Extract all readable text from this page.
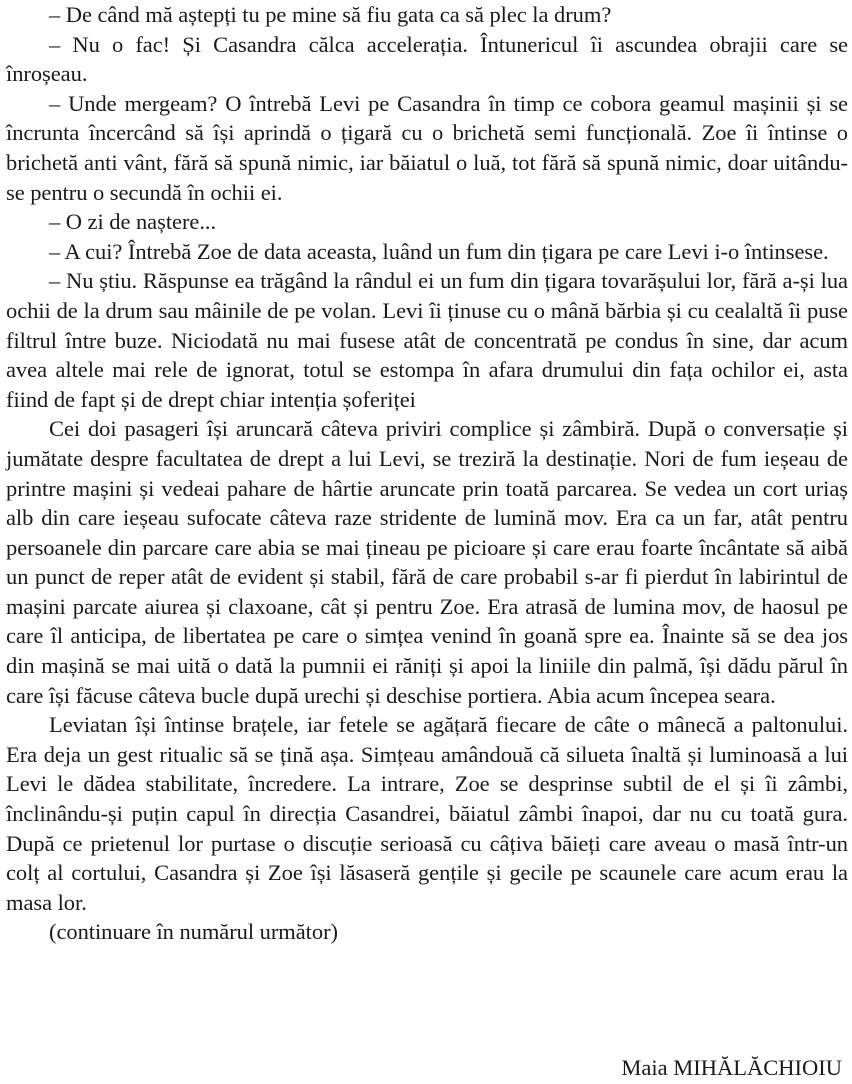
– De când mă aștepți tu pe mine să fiu gata ca să plec la drum?

– Nu o fac! Și Casandra călca accelerația. Întunericul îi ascundea obrajii care se înroșeau.

– Unde mergeam? O întrebă Levi pe Casandra în timp ce cobora geamul mașinii și se încrunta încercând să își aprindă o țigară cu o brichetă semi funcțională. Zoe îi întinse o brichetă anti vânt, fără să spună nimic, iar băiatul o luă, tot fără să spună nimic, doar uitându-se pentru o secundă în ochii ei.

– O zi de naștere...

– A cui? Întrebă Zoe de data aceasta, luând un fum din țigara pe care Levi i-o întinsese.

– Nu știu. Răspunse ea trăgând la rândul ei un fum din țigara tovarășului lor, fără a-și lua ochii de la drum sau mâinile de pe volan. Levi îi ținuse cu o mână bărbia și cu cealaltă îi puse filtrul între buze. Niciodată nu mai fusese atât de concentrată pe condus în sine, dar acum avea altele mai rele de ignorat, totul se estompa în afara drumului din fața ochilor ei, asta fiind de fapt și de drept chiar intenția șoferiței

Cei doi pasageri își aruncară câteva priviri complice și zâmbiră. După o conversație și jumătate despre facultatea de drept a lui Levi, se treziră la destinație. Nori de fum ieșeau de printre mașini și vedeai pahare de hârtie aruncate prin toată parcarea. Se vedea un cort uriaș alb din care ieșeau sufocate câteva raze stridente de lumină mov. Era ca un far, atât pentru persoanele din parcare care abia se mai țineau pe picioare și care erau foarte încântate să aibă un punct de reper atât de evident și stabil, fără de care probabil s-ar fi pierdut în labirintul de mașini parcate aiurea și claxoane, cât și pentru Zoe. Era atrasă de lumina mov, de haosul pe care îl anticipa, de libertatea pe care o simțea venind în goană spre ea. Înainte să se dea jos din mașină se mai uită o dată la pumnii ei răniți și apoi la liniile din palmă, își dădu părul în care își făcuse câteva bucle după urechi și deschise portiera. Abia acum începea seara.

Leviatan își întinse brațele, iar fetele se agățară fiecare de câte o mânecă a paltonului. Era deja un gest ritualic să se țină așa. Simțeau amândouă că silueta înaltă și luminoasă a lui Levi le dădea stabilitate, încredere. La intrare, Zoe se desprinse subtil de el și îi zâmbi, înclinându-și puțin capul în direcția Casandrei, băiatul zâmbi înapoi, dar nu cu toată gura. După ce prietenul lor purtase o discuție serioasă cu câțiva băieți care aveau o masă într-un colț al cortului, Casandra și Zoe își lăsaseră gențile și gecile pe scaunele care acum erau la masa lor.

(continuare în numărul următor)

Maia MIHĂLĂCHIOIU
